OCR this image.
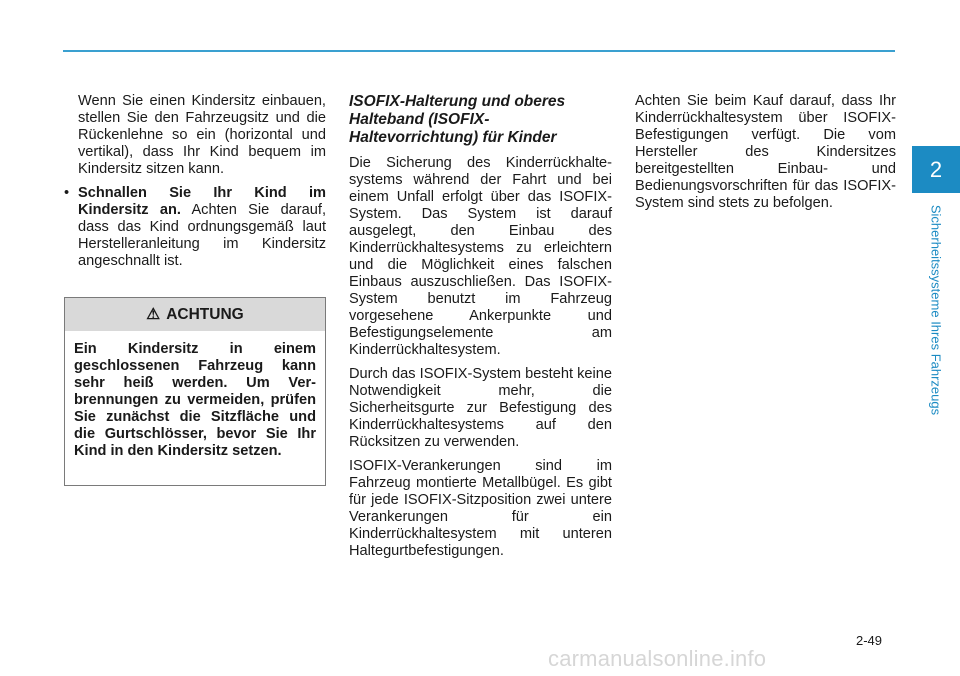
Wenn Sie einen Kindersitz einbauen, stellen Sie den Fahrzeugsitz und die Rückenlehne so ein (horizontal und vertikal), dass Ihr Kind bequem im Kindersitz sitzen kann.

• Schnallen Sie Ihr Kind im Kindersitz an. Achten Sie darauf, dass das Kind ordnungsgemäß laut Herstelleranleitung im Kindersitz angeschnallt ist.
⚠ ACHTUNG
Ein Kindersitz in einem geschlossenen Fahrzeug kann sehr heiß werden. Um Verbrennungen zu vermeiden, prüfen Sie zunächst die Sitzfläche und die Gurtschlösser, bevor Sie Ihr Kind in den Kindersitz setzen.
ISOFIX-Halterung und oberes Halteband (ISOFIX-Haltevorrichtung) für Kinder

Die Sicherung des Kinderrückhaltesystems während der Fahrt und bei einem Unfall erfolgt über das ISOFIX-System. Das System ist darauf ausgelegt, den Einbau des Kinderrückhaltesystems zu erleichtern und die Möglichkeit eines falschen Einbaus auszuschließen. Das ISOFIX-System benutzt im Fahrzeug vorgesehene Ankerpunkte und Befestigungselemente am Kinderrückhaltesystem.

Durch das ISOFIX-System besteht keine Notwendigkeit mehr, die Sicherheitsgurte zur Befestigung des Kinderrückhaltesystems auf den Rücksitzen zu verwenden.

ISOFIX-Verankerungen sind im Fahrzeug montierte Metallbügel. Es gibt für jede ISOFIX-Sitzposition zwei untere Verankerungen für ein Kinderrückhaltesystem mit unteren Haltegurtbefestigungen.

Achten Sie beim Kauf darauf, dass Ihr Kinderrückhaltesystem über ISOFIX-Befestigungen verfügt. Die vom Hersteller des Kindersitzes bereitgestellten Einbau- und Bedienungsvorschriften für das ISOFIX-System sind stets zu befolgen.

2
Sicherheitssysteme Ihres Fahrzeugs
2-49
carmanualsonline.info
